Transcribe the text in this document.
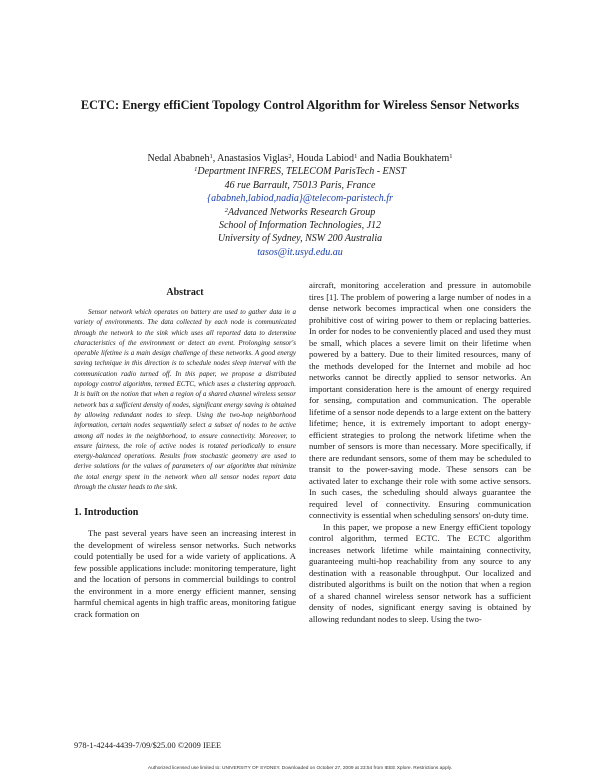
ECTC: Energy effiCient Topology Control Algorithm for Wireless Sensor Networks
Nedal Ababneh$^1$, Anastasios Viglas$^2$, Houda Labiod$^1$ and Nadia Boukhatem$^1$
$^1$Department INFRES, TELECOM ParisTech - ENST
46 rue Barrault, 75013 Paris, France
{ababneh,labiod,nadia}@telecom-paristech.fr
$^2$Advanced Networks Research Group
School of Information Technologies, J12
University of Sydney, NSW 200 Australia
tasos@it.usyd.edu.au
Abstract

Sensor network which operates on battery are used to gather data in a variety of environments. The data collected by each node is communicated through the network to the sink which uses all reported data to determine characteristics of the environment or detect an event. Prolonging sensor's operable lifetime is a main design challenge of these networks. A good energy saving technique in this direction is to schedule nodes sleep interval with the communication radio turned off. In this paper, we propose a distributed topology control algorithm, termed ECTC, which uses a clustering approach. It is built on the notion that when a region of a shared channel wireless sensor network has a sufficient density of nodes, significant energy saving is obtained by allowing redundant nodes to sleep. Using the two-hop neighborhood information, certain nodes sequentially select a subset of nodes to be active among all nodes in the neighborhood, to ensure connectivity. Moreover, to ensure fairness, the role of active nodes is rotated periodically to ensure energy-balanced operations. Results from stochastic geometry are used to derive solutions for the values of parameters of our algorithm that minimize the total energy spent in the network when all sensor nodes report data through the cluster heads to the sink.

1. Introduction

The past several years have seen an increasing interest in the development of wireless sensor networks. Such networks could potentially be used for a wide variety of applications. A few possible applications include: monitoring temperature, light and the location of persons in commercial buildings to control the environment in a more energy efficient manner, sensing harmful chemical agents in high traffic areas, monitoring fatigue crack formation on

aircraft, monitoring acceleration and pressure in automobile tires [1]. The problem of powering a large number of nodes in a dense network becomes impractical when one considers the prohibitive cost of wiring power to them or replacing batteries. In order for nodes to be conveniently placed and used they must be small, which places a severe limit on their lifetime when powered by a battery. Due to their limited resources, many of the methods developed for the Internet and mobile ad hoc networks cannot be directly applied to sensor networks. An important consideration here is the amount of energy required for sensing, computation and communication. The operable lifetime of a sensor node depends to a large extent on the battery lifetime; hence, it is extremely important to adopt energy-efficient strategies to prolong the network lifetime when the number of sensors is more than necessary. More specifically, if there are redundant sensors, some of them may be scheduled to transit to the power-saving mode. These sensors can be activated later to exchange their role with some active sensors. In such cases, the scheduling should always guarantee the required level of connectivity. Ensuring communication connectivity is essential when scheduling sensors' on-duty time.

In this paper, we propose a new Energy effiCient topology control algorithm, termed ECTC. The ECTC algorithm increases network lifetime while maintaining connectivity, guaranteeing multi-hop reachability from any source to any destination with a reasonable throughput. Our localized and distributed algorithms is built on the notion that when a region of a shared channel wireless sensor network has a sufficient density of nodes, significant energy saving is obtained by allowing redundant nodes to sleep. Using the two-

978-1-4244-4439-7/09/$25.00 ©2009 IEEE
Authorized licensed use limited to: UNIVERSITY OF SYDNEY. Downloaded on October 27, 2009 at 23:54 from IEEE Xplore. Restrictions apply.
